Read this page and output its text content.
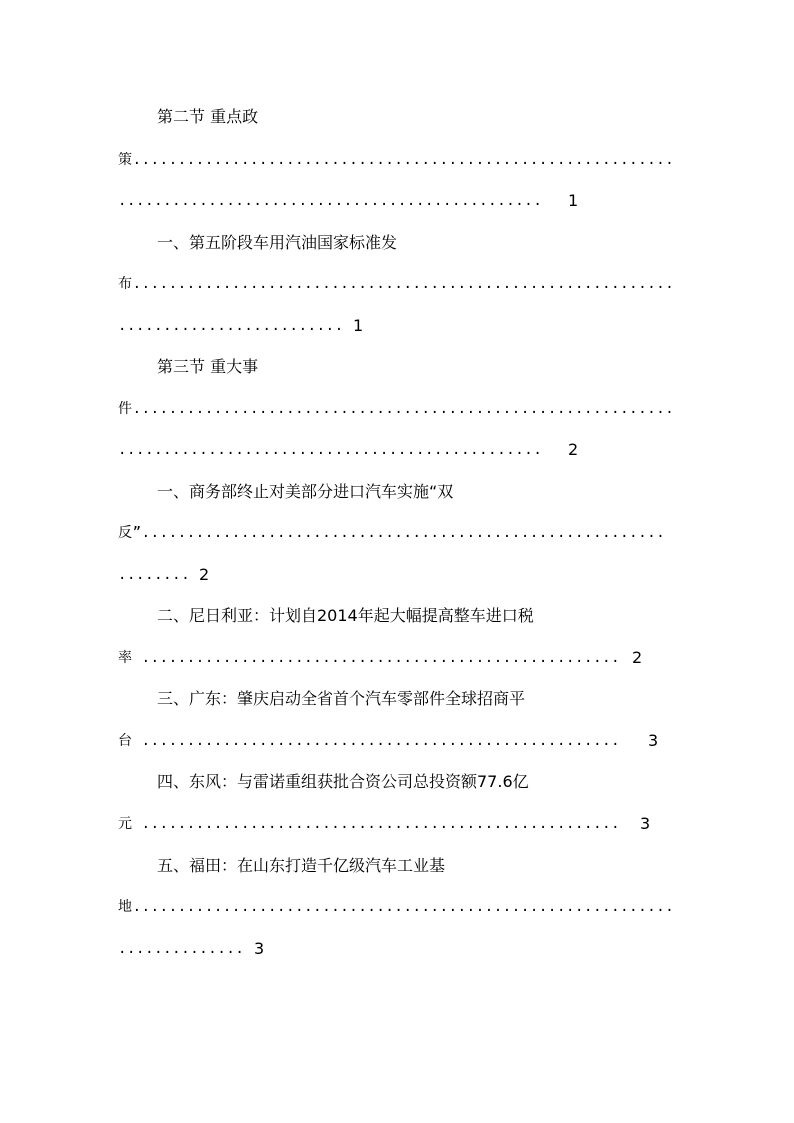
第二节 重点政
策............................................................
............................................... 1
一、第五阶段车用汽油国家标准发
布............................................................
......................... 1
第三节 重大事
件............................................................
............................................... 2
一、商务部终止对美部分进口汽车实施“双
反”..........................................................
........ 2
二、尼日利亚：计划自2014年起大幅提高整车进口税
率 ..................................................... 2
三、广东：肇庆启动全省首个汽车零部件全球招商平
台 ..................................................... 3
四、东风：与雷诺重组获批合资公司总投资额77.6亿
元 ..................................................... 3
五、福田：在山东打造千亿级汽车工业基
地............................................................
.............. 3
